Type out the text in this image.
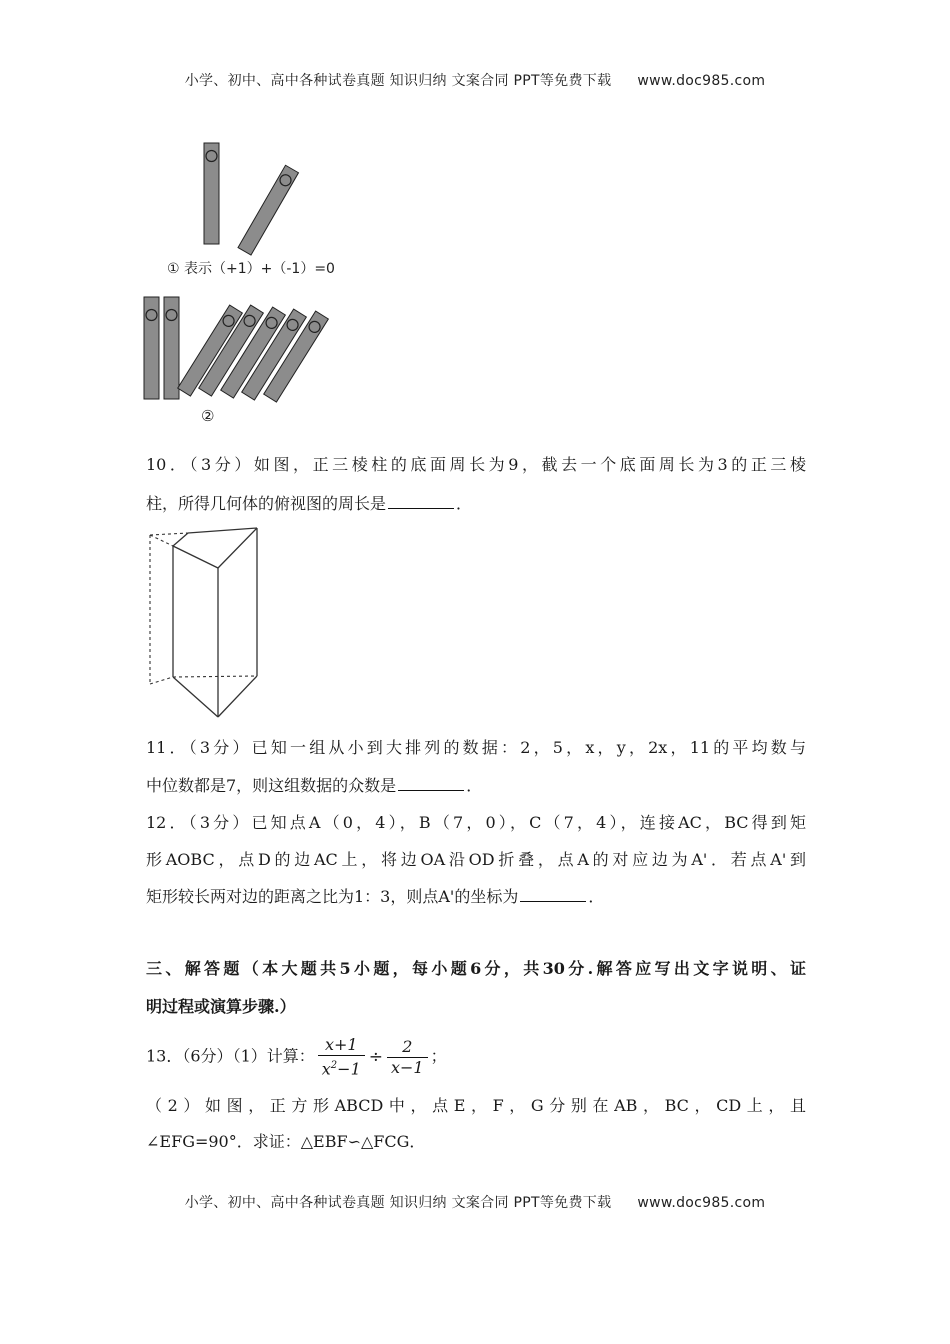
小学、初中、高中各种试卷真题 知识归纳 文案合同 PPT等免费下载 www.doc985.com
① 表示（+1）+（-1）=0
②
10．（3分）如图，正三棱柱的底面周长为9，截去一个底面周长为3的正三棱
柱，所得几何体的俯视图的周长是	．
11．（3分）已知一组从小到大排列的数据：2，5，x，y，2x，11的平均数与
中位数都是7，则这组数据的众数是	．
12．（3分）已知点A（0，4），B（7，0），C（7，4），连接AC，BC得到矩
形AOBC，点D的边AC上，将边OA沿OD折叠，点A的对应边为A'．若点A'到
矩形较长两对边的距离之比为1：3，则点A'的坐标为	．
三、解答题（本大题共5小题，每小题6分，共30分.解答应写出文字说明、证
明过程或演算步骤.）
13．（6分）（1）计算： $\frac{x+1}{x^2-1} \div \frac{2}{x-1}$ ；
（2）如图，正方形ABCD中，点E，F，G分别在AB，BC，CD上，且
∠EFG=90°．求证：△EBF∽△FCG．
小学、初中、高中各种试卷真题 知识归纳 文案合同 PPT等免费下载 www.doc985.com
